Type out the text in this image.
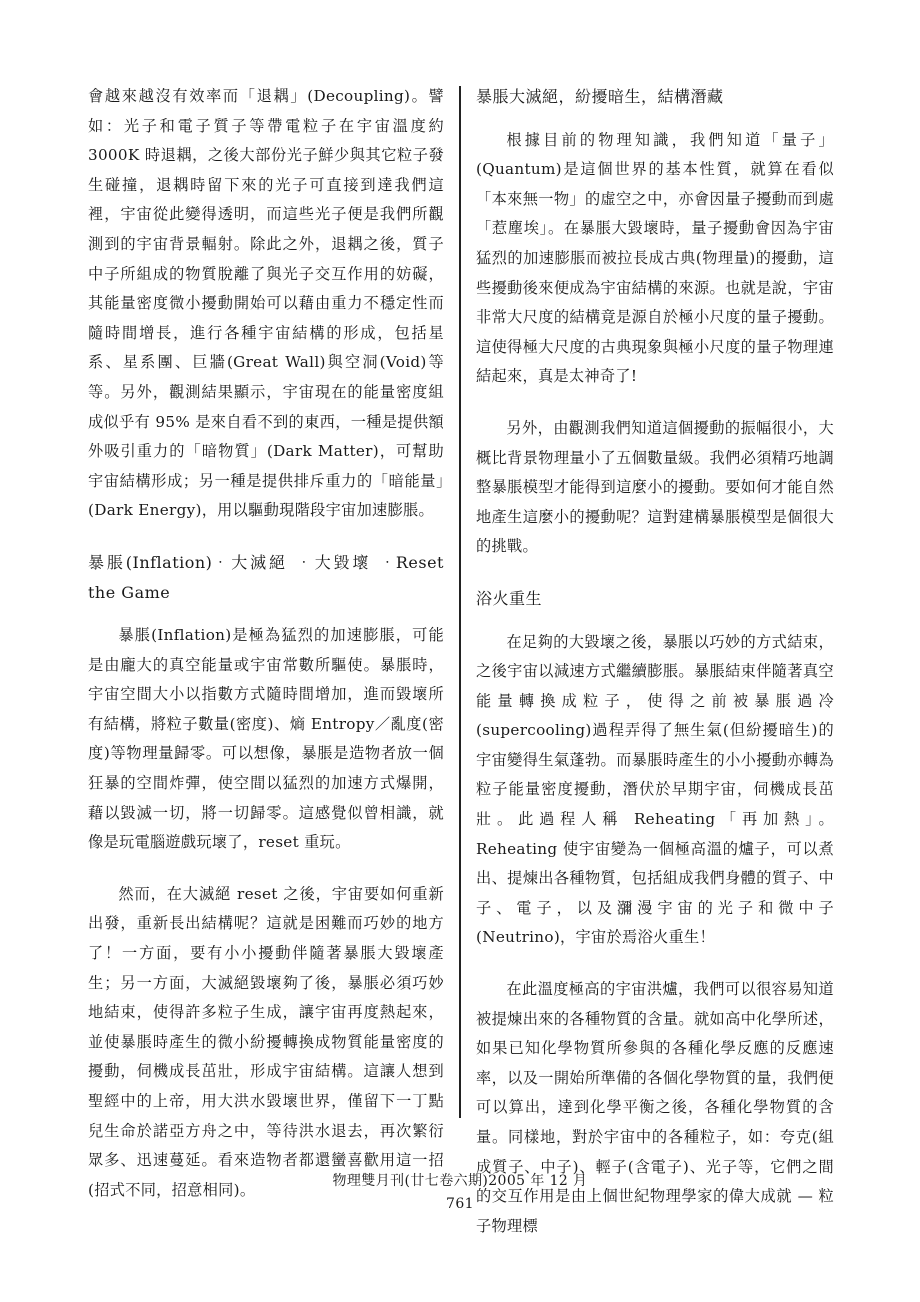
會越來越沒有效率而「退耦」(Decoupling)。譬如：光子和電子質子等帶電粒子在宇宙溫度約 3000K 時退耦，之後大部份光子鮮少與其它粒子發生碰撞，退耦時留下來的光子可直接到達我們這裡，宇宙從此變得透明，而這些光子便是我們所觀測到的宇宙背景輻射。除此之外，退耦之後，質子中子所組成的物質脫離了與光子交互作用的妨礙，其能量密度微小擾動開始可以藉由重力不穩定性而隨時間增長，進行各種宇宙結構的形成，包括星系、星系團、巨牆(Great Wall)與空洞(Void)等等。另外，觀測結果顯示，宇宙現在的能量密度組成似乎有 95% 是來自看不到的東西，一種是提供額外吸引重力的「暗物質」(Dark Matter)，可幫助宇宙結構形成；另一種是提供排斥重力的「暗能量」(Dark Energy)，用以驅動現階段宇宙加速膨脹。

暴脹(Inflation)‧大滅絕 ‧大毀壞 ‧Reset the Game

暴脹(Inflation)是極為猛烈的加速膨脹，可能是由龐大的真空能量或宇宙常數所驅使。暴脹時，宇宙空間大小以指數方式隨時間增加，進而毀壞所有結構，將粒子數量(密度)、熵 Entropy／亂度(密度)等物理量歸零。可以想像，暴脹是造物者放一個狂暴的空間炸彈，使空間以猛烈的加速方式爆開，藉以毀滅一切，將一切歸零。這感覺似曾相識，就像是玩電腦遊戲玩壞了，reset 重玩。

然而，在大滅絕 reset 之後，宇宙要如何重新出發，重新長出結構呢？這就是困難而巧妙的地方了！一方面，要有小小擾動伴隨著暴脹大毀壞產生；另一方面，大滅絕毀壞夠了後，暴脹必須巧妙地結束，使得許多粒子生成，讓宇宙再度熱起來，並使暴脹時產生的微小紛擾轉換成物質能量密度的擾動，伺機成長茁壯，形成宇宙結構。這讓人想到聖經中的上帝，用大洪水毀壞世界，僅留下一丁點兒生命於諾亞方舟之中，等待洪水退去，再次繁衍眾多、迅速蔓延。看來造物者都還蠻喜歡用這一招(招式不同，招意相同)。

暴脹大滅絕，紛擾暗生，結構潛藏

根據目前的物理知識，我們知道「量子」(Quantum)是這個世界的基本性質，就算在看似「本來無一物」的虛空之中，亦會因量子擾動而到處「惹塵埃」。在暴脹大毀壞時，量子擾動會因為宇宙猛烈的加速膨脹而被拉長成古典(物理量)的擾動，這些擾動後來便成為宇宙結構的來源。也就是說，宇宙非常大尺度的結構竟是源自於極小尺度的量子擾動。這使得極大尺度的古典現象與極小尺度的量子物理連結起來，真是太神奇了!

另外，由觀測我們知道這個擾動的振幅很小，大概比背景物理量小了五個數量級。我們必須精巧地調整暴脹模型才能得到這麼小的擾動。要如何才能自然地產生這麼小的擾動呢？這對建構暴脹模型是個很大的挑戰。

浴火重生

在足夠的大毀壞之後，暴脹以巧妙的方式結束，之後宇宙以減速方式繼續膨脹。暴脹結束伴隨著真空能量轉換成粒子，使得之前被暴脹過冷(supercooling)過程弄得了無生氣(但紛擾暗生)的宇宙變得生氣蓬勃。而暴脹時產生的小小擾動亦轉為粒子能量密度擾動，潛伏於早期宇宙，伺機成長茁壯。此過程人稱 Reheating「再加熱」。Reheating 使宇宙變為一個極高溫的爐子，可以煮出、提煉出各種物質，包括組成我們身體的質子、中子、電子，以及瀰漫宇宙的光子和微中子(Neutrino)，宇宙於焉浴火重生！

在此溫度極高的宇宙洪爐，我們可以很容易知道被提煉出來的各種物質的含量。就如高中化學所述，如果已知化學物質所參與的各種化學反應的反應速率，以及一開始所準備的各個化學物質的量，我們便可以算出，達到化學平衡之後，各種化學物質的含量。同樣地，對於宇宙中的各種粒子，如：夸克(組成質子、中子)、輕子(含電子)、光子等，它們之間的交互作用是由上個世紀物理學家的偉大成就 — 粒子物理標

物理雙月刊(廿七卷六期)2005 年 12 月
761
